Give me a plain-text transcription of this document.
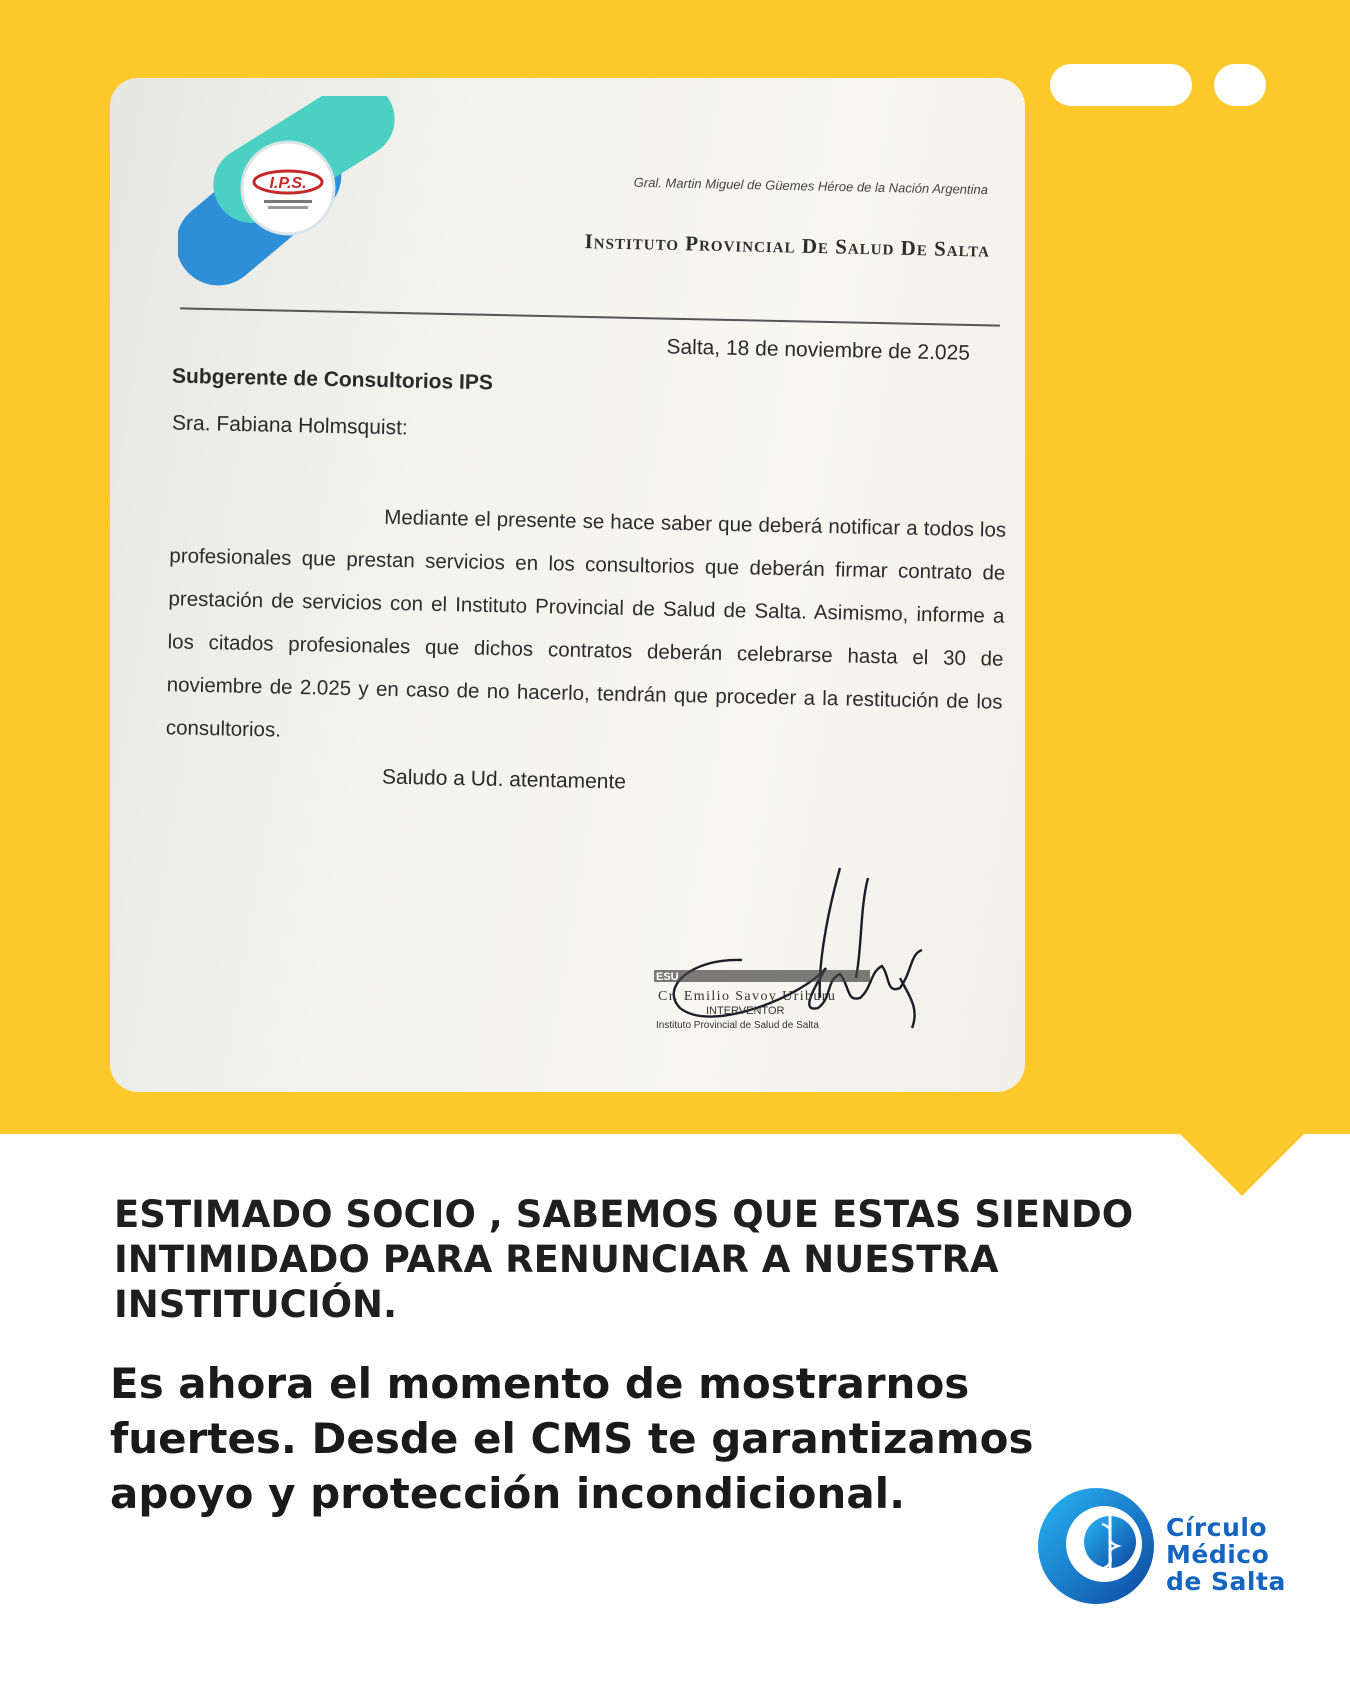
I.P.S.	Gral. Martin Miguel de Güemes Héroe de la Nación Argentina
Instituto Provincial De Salud De Salta
Salta, 18 de noviembre de 2.025
Subgerente de Consultorios IPS
Sra. Fabiana Holmsquist:
Mediante el presente se hace saber que deberá notificar a todos los profesionales que prestan servicios en los consultorios que deberán firmar contrato de prestación de servicios con el Instituto Provincial de Salud de Salta. Asimismo, informe a los citados profesionales que dichos contratos deberán celebrarse hasta el 30 de noviembre de 2.025 y en caso de no hacerlo, tendrán que proceder a la restitución de los consultorios.
Saludo a Ud. atentamente
ESU
Cr. Emilio Savoy Uriburu
INTERVENTOR
Instituto Provincial de Salud de Salta

ESTIMADO SOCIO , SABEMOS QUE ESTAS SIENDO INTIMIDADO PARA RENUNCIAR A NUESTRA INSTITUCIÓN.

Es ahora el momento de mostrarnos fuertes. Desde el CMS te garantizamos apoyo y protección incondicional.

Círculo
Médico
de Salta
